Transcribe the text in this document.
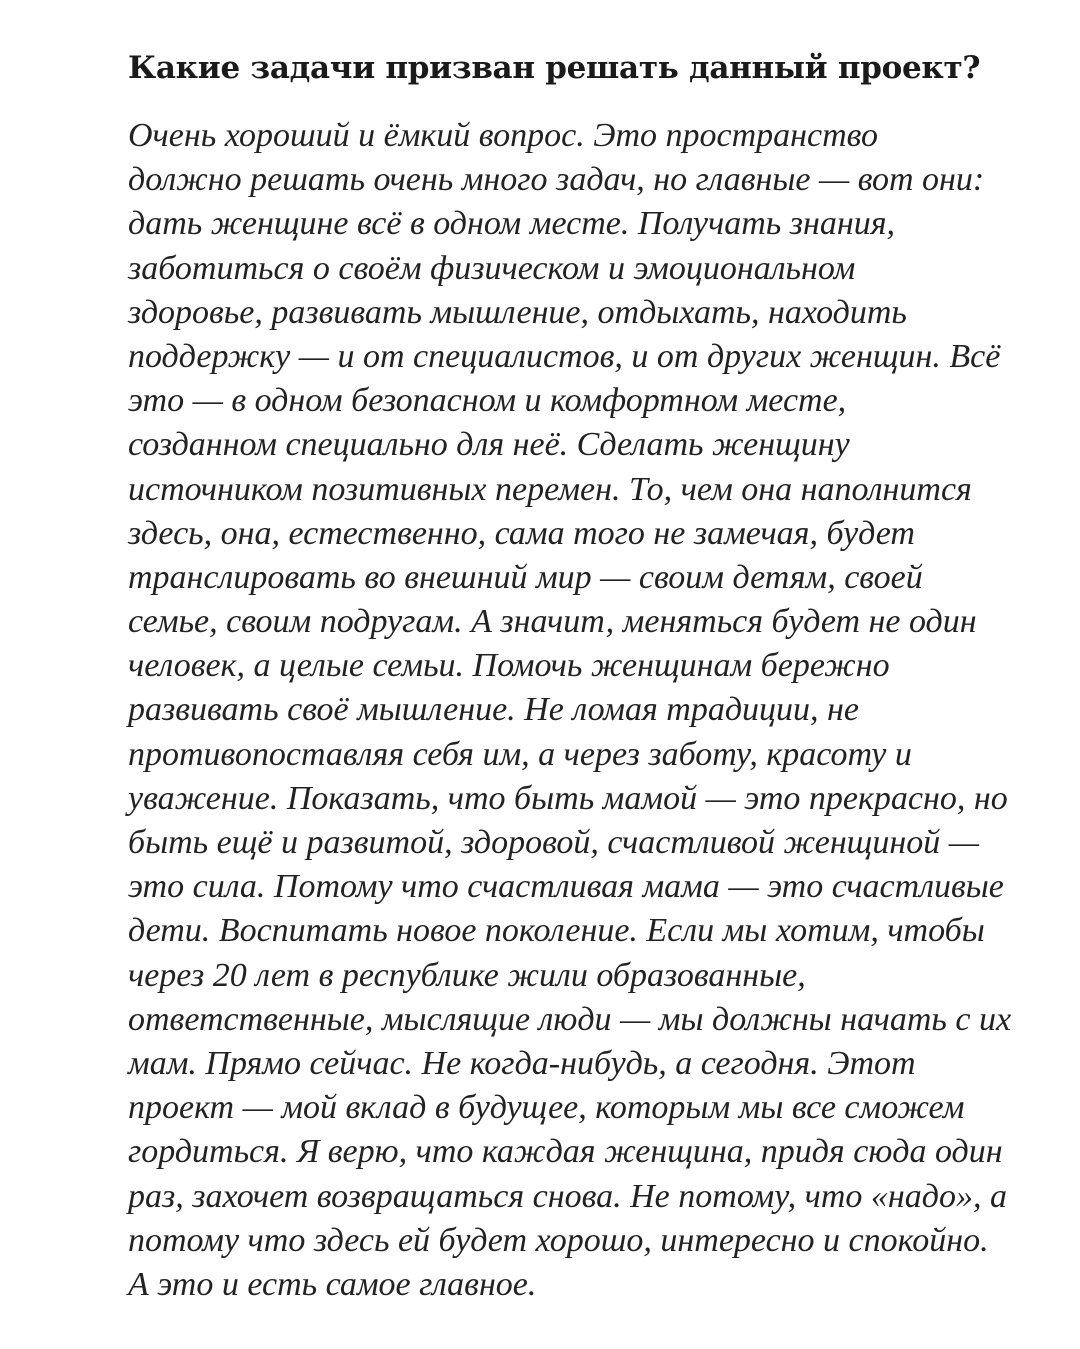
Какие задачи призван решать данный проект?
Очень хороший и ёмкий вопрос. Это пространство
должно решать очень много задач, но главные — вот они:
дать женщине всё в одном месте. Получать знания,
заботиться о своём физическом и эмоциональном
здоровье, развивать мышление, отдыхать, находить
поддержку — и от специалистов, и от других женщин. Всё
это — в одном безопасном и комфортном месте,
созданном специально для неё. Сделать женщину
источником позитивных перемен. То, чем она наполнится
здесь, она, естественно, сама того не замечая, будет
транслировать во внешний мир — своим детям, своей
семье, своим подругам. А значит, меняться будет не один
человек, а целые семьи. Помочь женщинам бережно
развивать своё мышление. Не ломая традиции, не
противопоставляя себя им, а через заботу, красоту и
уважение. Показать, что быть мамой — это прекрасно, но
быть ещё и развитой, здоровой, счастливой женщиной —
это сила. Потому что счастливая мама — это счастливые
дети. Воспитать новое поколение. Если мы хотим, чтобы
через 20 лет в республике жили образованные,
ответственные, мыслящие люди — мы должны начать с их
мам. Прямо сейчас. Не когда-нибудь, а сегодня. Этот
проект — мой вклад в будущее, которым мы все сможем
гордиться. Я верю, что каждая женщина, придя сюда один
раз, захочет возвращаться снова. Не потому, что «надо», а
потому что здесь ей будет хорошо, интересно и спокойно.
А это и есть самое главное.
